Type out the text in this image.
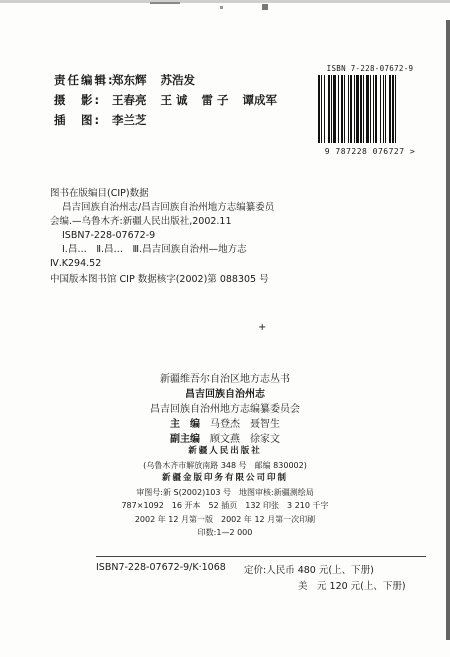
责任编辑:
郑东辉 苏浩发
摄　影: 王春亮 王 诚 雷 子 谭成军
插　图: 李兰芝
ISBN 7-228-07672-9
9 787228 076727 >
图书在版编目(CIP)数据
昌吉回族自治州志/昌吉回族自治州地方志编纂委员
会编.—乌鲁木齐:新疆人民出版社,2002.11
ISBN7-228-07672-9
Ⅰ.昌…　Ⅱ.昌…　Ⅲ.昌吉回族自治州—地方志
Ⅳ.K294.52
中国版本图书馆 CIP 数据核字(2002)第 088305 号
+
新疆维吾尔自治区地方志丛书
昌吉回族自治州志
昌吉回族自治州地方志编纂委员会
主　编 马登杰 聂智生
副主编 顾文燕 徐家文
新疆人民出版社
(乌鲁木齐市解放南路 348 号　邮编 830002)
新疆金版印务有限公司印制
审图号:新 S(2002)103 号　地图审核:新疆测绘局
787×1092　16 开本　52 插页　132 印张　3 210 千字
2002 年 12 月第一版　2002 年 12 月第一次印刷
印数:1—2 000
ISBN7-228-07672-9/K·1068 定价:人民币 480 元(上、下册)
美　元 120 元(上、下册)
